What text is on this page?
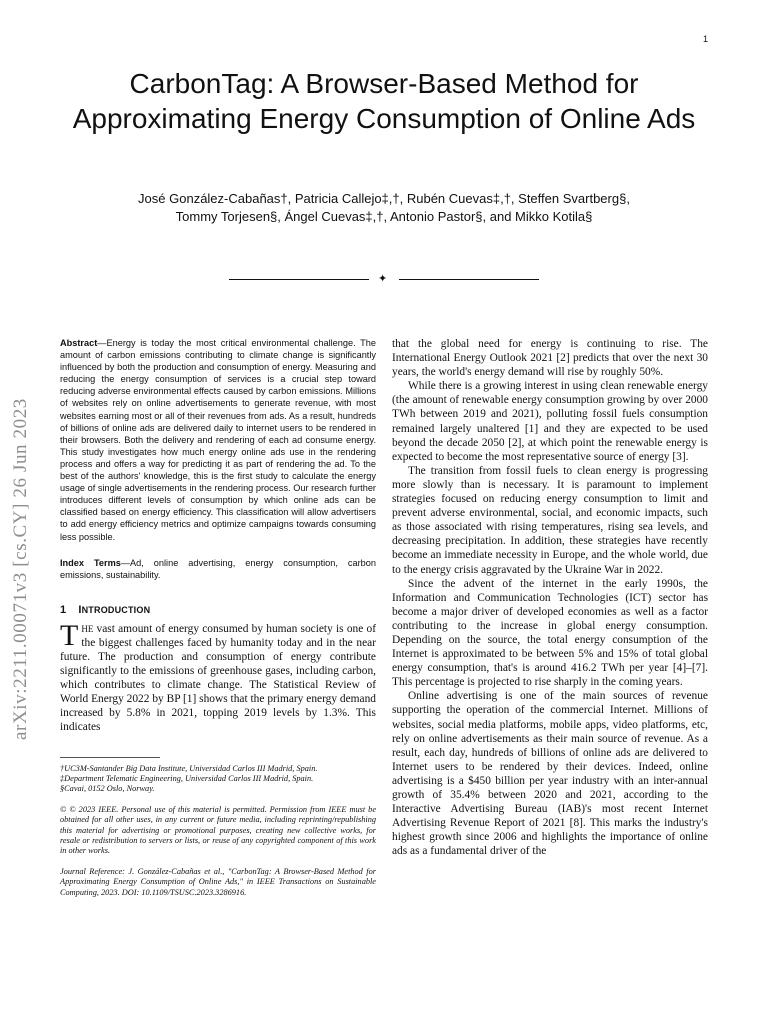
1
arXiv:2211.00071v3 [cs.CY] 26 Jun 2023
CarbonTag: A Browser-Based Method for Approximating Energy Consumption of Online Ads
José González-Cabañas†, Patricia Callejo‡,†, Rubén Cuevas‡,†, Steffen Svartberg§,
Tommy Torjesen§, Ángel Cuevas‡,†, Antonio Pastor§, and Mikko Kotila§
✦

Abstract—Energy is today the most critical environmental challenge. The amount of carbon emissions contributing to climate change is significantly influenced by both the production and consumption of energy. Measuring and reducing the energy consumption of services is a crucial step toward reducing adverse environmental effects caused by carbon emissions. Millions of websites rely on online advertisements to generate revenue, with most websites earning most or all of their revenues from ads. As a result, hundreds of billions of online ads are delivered daily to internet users to be rendered in their browsers. Both the delivery and rendering of each ad consume energy. This study investigates how much energy online ads use in the rendering process and offers a way for predicting it as part of rendering the ad. To the best of the authors' knowledge, this is the first study to calculate the energy usage of single advertisements in the rendering process. Our research further introduces different levels of consumption by which online ads can be classified based on energy efficiency. This classification will allow advertisers to add energy efficiency metrics and optimize campaigns towards consuming less possible.

Index Terms—Ad, online advertising, energy consumption, carbon emissions, sustainability.

1 INTRODUCTION

THE vast amount of energy consumed by human society is one of the biggest challenges faced by humanity today and in the near future. The production and consumption of energy contribute significantly to the emissions of greenhouse gases, including carbon, which contributes to climate change. The Statistical Review of World Energy 2022 by BP [1] shows that the primary energy demand increased by 5.8% in 2021, topping 2019 levels by 1.3%. This indicates

†UC3M-Santander Big Data Institute, Universidad Carlos III Madrid, Spain.

‡Department Telematic Engineering, Universidad Carlos III Madrid, Spain.

§Cavai, 0152 Oslo, Norway.

© © 2023 IEEE. Personal use of this material is permitted. Permission from IEEE must be obtained for all other uses, in any current or future media, including reprinting/republishing this material for advertising or promotional purposes, creating new collective works, for resale or redistribution to servers or lists, or reuse of any copyrighted component of this work in other works.

Journal Reference: J. González-Cabañas et al., "CarbonTag: A Browser-Based Method for Approximating Energy Consumption of Online Ads," in IEEE Transactions on Sustainable Computing, 2023. DOI: 10.1109/TSUSC.2023.3286916.

that the global need for energy is continuing to rise. The International Energy Outlook 2021 [2] predicts that over the next 30 years, the world's energy demand will rise by roughly 50%.

While there is a growing interest in using clean renewable energy (the amount of renewable energy consumption growing by over 2000 TWh between 2019 and 2021), polluting fossil fuels consumption remained largely unaltered [1] and they are expected to be used beyond the decade 2050 [2], at which point the renewable energy is expected to become the most representative source of energy [3].

The transition from fossil fuels to clean energy is progressing more slowly than is necessary. It is paramount to implement strategies focused on reducing energy consumption to limit and prevent adverse environmental, social, and economic impacts, such as those associated with rising temperatures, rising sea levels, and decreasing precipitation. In addition, these strategies have recently become an immediate necessity in Europe, and the whole world, due to the energy crisis aggravated by the Ukraine War in 2022.

Since the advent of the internet in the early 1990s, the Information and Communication Technologies (ICT) sector has become a major driver of developed economies as well as a factor contributing to the increase in global energy consumption. Depending on the source, the total energy consumption of the Internet is approximated to be between 5% and 15% of total global energy consumption, that's is around 416.2 TWh per year [4]–[7]. This percentage is projected to rise sharply in the coming years.

Online advertising is one of the main sources of revenue supporting the operation of the commercial Internet. Millions of websites, social media platforms, mobile apps, video platforms, etc, rely on online advertisements as their main source of revenue. As a result, each day, hundreds of billions of online ads are delivered to Internet users to be rendered by their devices. Indeed, online advertising is a $450 billion per year industry with an inter-annual growth of 35.4% between 2020 and 2021, according to the Interactive Advertising Bureau (IAB)'s most recent Internet Advertising Revenue Report of 2021 [8]. This marks the industry's highest growth since 2006 and highlights the importance of online ads as a fundamental driver of the
